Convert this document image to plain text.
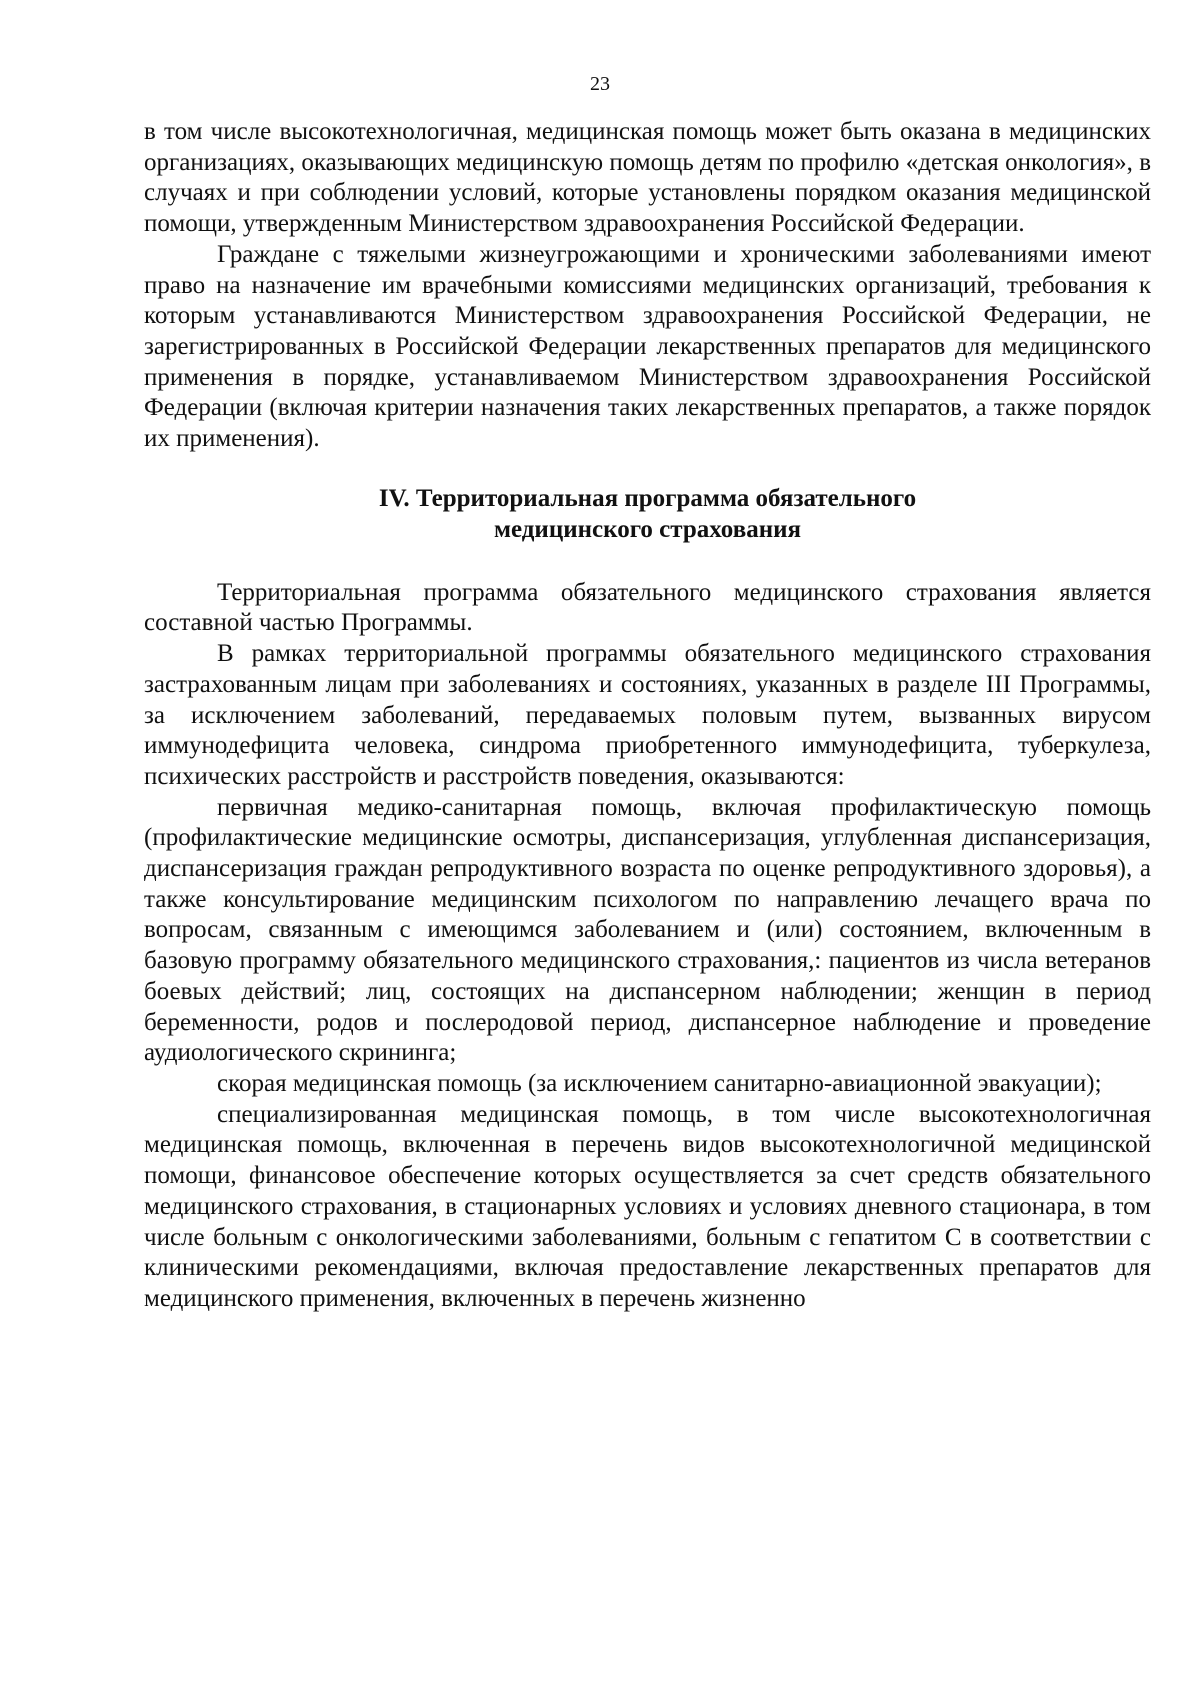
23

в том числе высокотехнологичная, медицинская помощь может быть оказана в медицинских организациях, оказывающих медицинскую помощь детям по профилю «детская онкология», в случаях и при соблюдении условий, которые установлены порядком оказания медицинской помощи, утвержденным Министерством здравоохранения Российской Федерации.

Граждане с тяжелыми жизнеугрожающими и хроническими заболеваниями имеют право на назначение им врачебными комиссиями медицинских организаций, требования к которым устанавливаются Министерством здравоохранения Российской Федерации, не зарегистрированных в Российской Федерации лекарственных препаратов для медицинского применения в порядке, устанавливаемом Министерством здравоохранения Российской Федерации (включая критерии назначения таких лекарственных препаратов, а также порядок их применения).

IV. Территориальная программа обязательного
медицинского страхования

Территориальная программа обязательного медицинского страхования является составной частью Программы.

В рамках территориальной программы обязательного медицинского страхования застрахованным лицам при заболеваниях и состояниях, указанных в разделе III Программы, за исключением заболеваний, передаваемых половым путем, вызванных вирусом иммунодефицита человека, синдрома приобретенного иммунодефицита, туберкулеза, психических расстройств и расстройств поведения, оказываются:

первичная медико-санитарная помощь, включая профилактическую помощь (профилактические медицинские осмотры, диспансеризация, углубленная диспансеризация, диспансеризация граждан репродуктивного возраста по оценке репродуктивного здоровья), а также консультирование медицинским психологом по направлению лечащего врача по вопросам, связанным с имеющимся заболеванием и (или) состоянием, включенным в базовую программу обязательного медицинского страхования,: пациентов из числа ветеранов боевых действий; лиц, состоящих на диспансерном наблюдении; женщин в период беременности, родов и послеродовой период, диспансерное наблюдение и проведение аудиологического скрининга;

скорая медицинская помощь (за исключением санитарно-авиационной эвакуации);

специализированная медицинская помощь, в том числе высокотехнологичная медицинская помощь, включенная в перечень видов высокотехнологичной медицинской помощи, финансовое обеспечение которых осуществляется за счет средств обязательного медицинского страхования, в стационарных условиях и условиях дневного стационара, в том числе больным с онкологическими заболеваниями, больным с гепатитом С в соответствии с клиническими рекомендациями, включая предоставление лекарственных препаратов для медицинского применения, включенных в перечень жизненно
